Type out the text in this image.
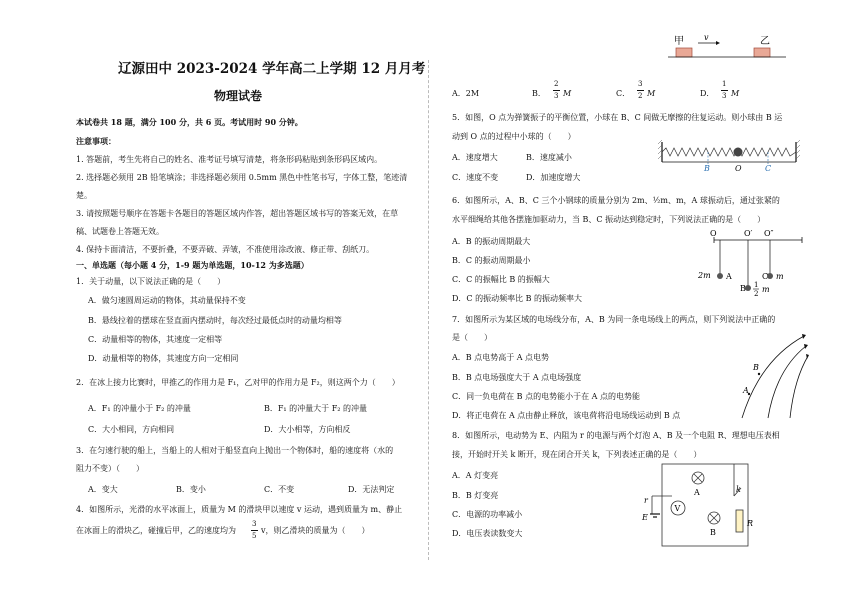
辽源田中 2023-2024 学年高二上学期 12 月月考
物理试卷
本试卷共 18 题，满分 100 分，共 6 页。考试用时 90 分钟。
注意事项：
1. 答题前，考生先将自己的姓名、准考证号填写清楚，将条形码粘贴到条形码区域内。
2. 选择题必须用 2B 铅笔填涂；非选择题必须用 0.5mm 黑色中性笔书写，字体工整，笔迹清
楚。
3. 请按照题号顺序在答题卡各题目的答题区域内作答，超出答题区域书写的答案无效，在草
稿、试题卷上答题无效。
4. 保持卡面清洁，不要折叠，不要弄破、弄皱，不准使用涂改液、修正带、刮纸刀。
一、单选题（每小题 4 分，1-9 题为单选题，10-12 为多选题）
1．关于动量，以下说法正确的是（　　）
A．做匀速圆周运动的物体，其动量保持不变
B．悬线拉着的摆球在竖直面内摆动时，每次经过最低点时的动量均相等
C．动量相等的物体，其速度一定相等
D．动量相等的物体，其速度方向一定相同
2．在冰上接力比赛时，甲推乙的作用力是 F₁，乙对甲的作用力是 F₂，则这两个力（　　）
A．F₁ 的冲量小于 F₂ 的冲量	B．F₁ 的冲量大于 F₂ 的冲量
C．大小相同，方向相同	D．大小相等，方向相反
3．在匀速行驶的船上，当船上的人相对于船竖直向上抛出一个物体时，船的速度将（水的
阻力不变）（　　）
A．变大	B．变小	C．不变	D．无法判定
4．如图所示，光滑的水平冰面上，质量为 M 的滑块甲以速度 v 运动，遇到质量为 m、静止
在冰面上的滑块乙，碰撞后甲，乙的速度均为
3
5
v，则乙滑块的质量为（　　）
甲	v	乙
A．2M	B．
2
3 M	C．
3
2 M	D．
1
3 M
5．如图，O 点为弹簧振子的平衡位置，小球在 B、C 间做无摩擦的往复运动。则小球由 B 运
动到 O 点的过程中小球的（　　）
A．速度增大	B．速度减小
C．速度不变	D．加速度增大
B	O	C
6．如图所示，A、B、C 三个小钢球的质量分别为 2m、½m、m，A 球振动后，通过张紧的
水平细绳给其他各摆施加驱动力，当 B、C 振动达到稳定时，下列说法正确的是（　　）
A．B 的振动周期最大
B．C 的振动周期最小
C．C 的振幅比 B 的振幅大
D．C 的振动频率比 B 的振动频率大
O	O′ O″
2m A
B 1
2 m
C m
7．如图所示为某区域的电场线分布，A、B 为同一条电场线上的两点，则下列说法中正确的
是（　　）
A．B 点电势高于 A 点电势
B．B 点电场强度大于 A 点电场强度
C．同一负电荷在 B 点的电势能小于在 A 点的电势能
D．将正电荷在 A 点由静止释放，该电荷将沿电场线运动到 B 点
B
A
8．如图所示，电动势为 E、内阻为 r 的电源与两个灯泡 A、B 及一个电阻 R、理想电压表相
接，开始时开关 k 断开，现在闭合开关 k，下列表述正确的是（　　）
A．A 灯变亮
B．B 灯变亮
C．电源的功率减小
D．电压表读数变大
r
E
V
A	k
B
R
